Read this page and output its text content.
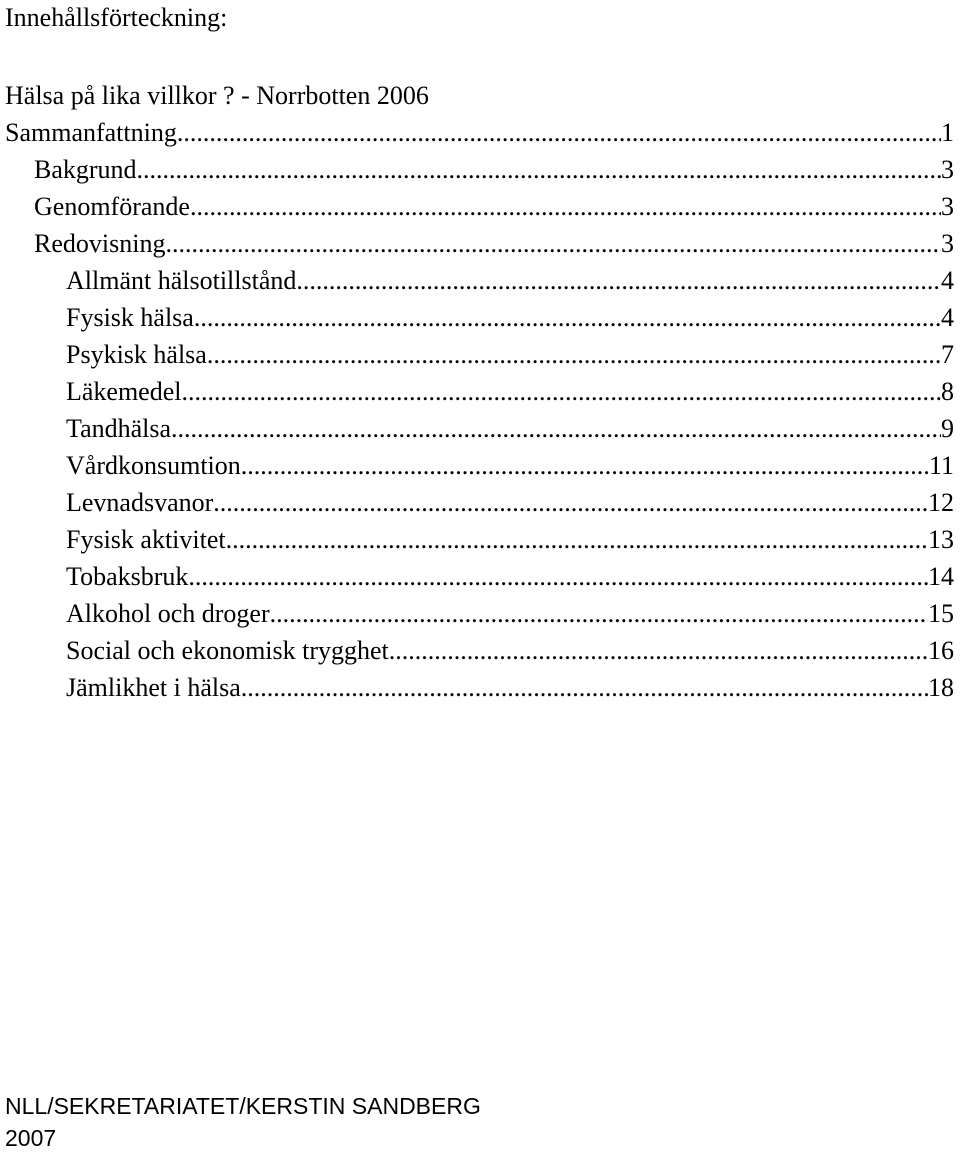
Innehållsförteckning:
Hälsa på lika villkor ? - Norrbotten 2006
Sammanfattning .....	1
Bakgrund .....	3
Genomförande .....	3
Redovisning .....	3
Allmänt hälsotillstånd .....	4
Fysisk hälsa .....	4
Psykisk hälsa .....	7
Läkemedel .....	8
Tandhälsa .....	9
Vårdkonsumtion .....	11
Levnadsvanor .....	12
Fysisk aktivitet .....	13
Tobaksbruk .....	14
Alkohol och droger .....	15
Social och ekonomisk trygghet .....	16
Jämlikhet i hälsa .....	18
NLL/SEKRETARIATET/KERSTIN SANDBERG
2007
